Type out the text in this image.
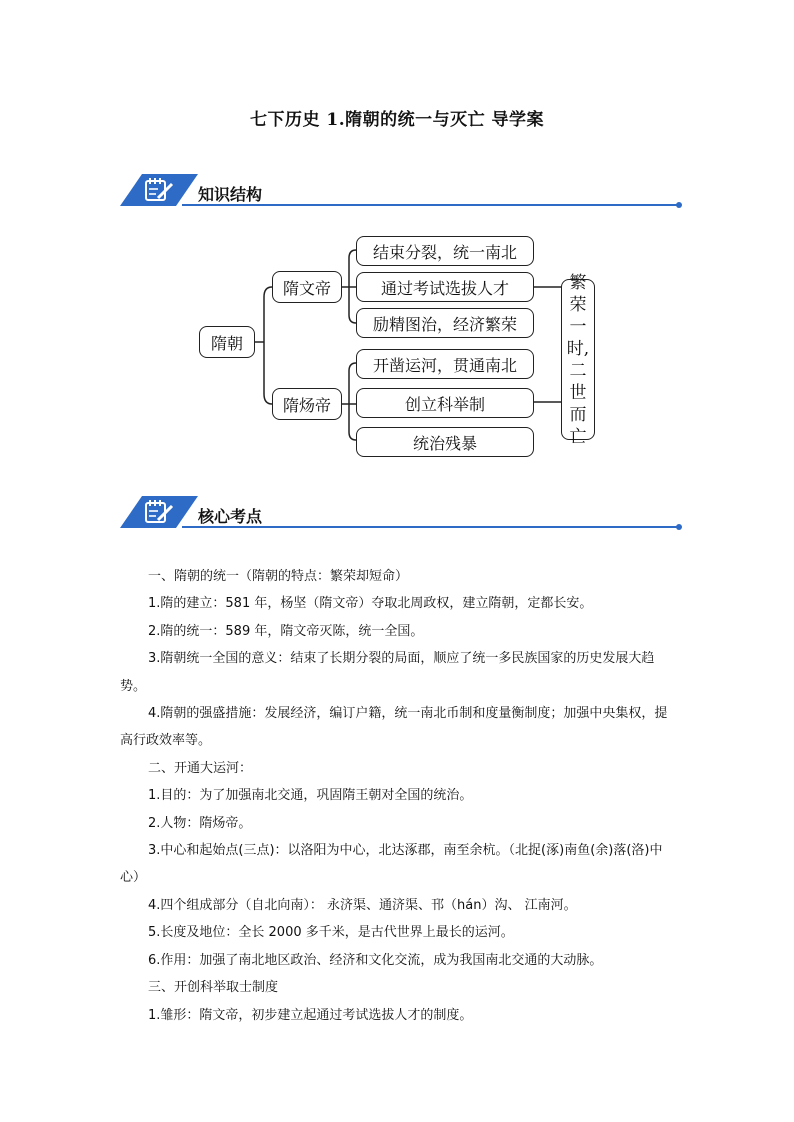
七下历史 1.隋朝的统一与灭亡 导学案
知识结构
隋朝
隋文帝
隋炀帝
结束分裂，统一南北
通过考试选拔人才
励精图治，经济繁荣
开凿运河，贯通南北
创立科举制
统治残暴
繁
荣
一
时,
二
世
而
亡
核心考点

一、隋朝的统一（隋朝的特点：繁荣却短命）

1.隋的建立：581 年，杨坚（隋文帝）夺取北周政权，建立隋朝，定都长安。

2.隋的统一：589 年，隋文帝灭陈，统一全国。

3.隋朝统一全国的意义：结束了长期分裂的局面，顺应了统一多民族国家的历史发展大趋势。

4.隋朝的强盛措施：发展经济，编订户籍，统一南北币制和度量衡制度；加强中央集权，提高行政效率等。

二、开通大运河：

1.目的：为了加强南北交通，巩固隋王朝对全国的统治。

2.人物：隋炀帝。

3.中心和起始点(三点)：以洛阳为中心，北达涿郡，南至余杭。（北捉(涿)南鱼(余)落(洛)中心）

4.四个组成部分（自北向南）： 永济渠、通济渠、邗（hán）沟、 江南河。

5.长度及地位：全长 2000 多千米，是古代世界上最长的运河。

6.作用：加强了南北地区政治、经济和文化交流，成为我国南北交通的大动脉。

三、开创科举取士制度

1.雏形：隋文帝，初步建立起通过考试选拔人才的制度。
